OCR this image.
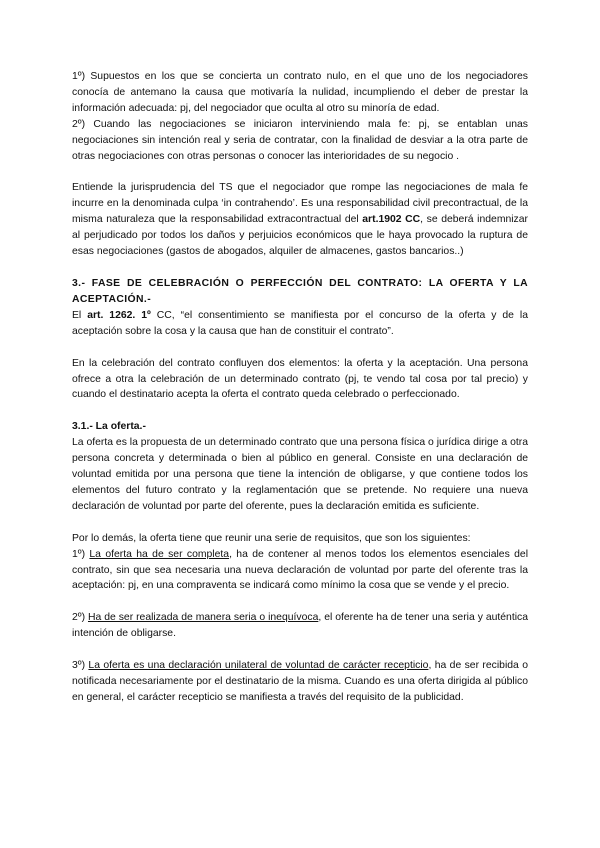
1º) Supuestos en los que se concierta un contrato nulo, en el que uno de los negociadores conocía de antemano la causa que motivaría la nulidad, incumpliendo el deber de prestar la información adecuada: pj, del negociador que oculta al otro su minoría de edad.

2º) Cuando las negociaciones se iniciaron interviniendo mala fe: pj, se entablan unas negociaciones sin intención real y seria de contratar, con la finalidad de desviar a la otra parte de otras negociaciones con otras personas o conocer las interioridades de su negocio .

Entiende la jurisprudencia del TS que el negociador que rompe las negociaciones de mala fe incurre en la denominada culpa ‘in contrahendo’. Es una responsabilidad civil precontractual, de la misma naturaleza que la responsabilidad extracontractual del art.1902 CC, se deberá indemnizar al perjudicado por todos los daños y perjuicios económicos que le haya provocado la ruptura de esas negociaciones (gastos de abogados, alquiler de almacenes, gastos bancarios..)

3.- FASE DE CELEBRACIÓN O PERFECCIÓN DEL CONTRATO: LA OFERTA Y LA ACEPTACIÓN.-

El art. 1262. 1º CC, “el consentimiento se manifiesta por el concurso de la oferta y de la aceptación sobre la cosa y la causa que han de constituir el contrato”.

En la celebración del contrato confluyen dos elementos: la oferta y la aceptación. Una persona ofrece a otra la celebración de un determinado contrato (pj, te vendo tal cosa por tal precio) y cuando el destinatario acepta la oferta el contrato queda celebrado o perfeccionado.

3.1.- La oferta.-

La oferta es la propuesta de un determinado contrato que una persona física o jurídica dirige a otra persona concreta y determinada o bien al público en general. Consiste en una declaración de voluntad emitida por una persona que tiene la intención de obligarse, y que contiene todos los elementos del futuro contrato y la reglamentación que se pretende. No requiere una nueva declaración de voluntad por parte del oferente, pues la declaración emitida es suficiente.

Por lo demás, la oferta tiene que reunir una serie de requisitos, que son los siguientes:

1º) La oferta ha de ser completa, ha de contener al menos todos los elementos esenciales del contrato, sin que sea necesaria una nueva declaración de voluntad por parte del oferente tras la aceptación: pj, en una compraventa se indicará como mínimo la cosa que se vende y el precio.

2º) Ha de ser realizada de manera seria o inequívoca, el oferente ha de tener una seria y auténtica intención de obligarse.

3º) La oferta es una declaración unilateral de voluntad de carácter recepticio, ha de ser recibida o notificada necesariamente por el destinatario de la misma. Cuando es una oferta dirigida al público en general, el carácter recepticio se manifiesta a través del requisito de la publicidad.
